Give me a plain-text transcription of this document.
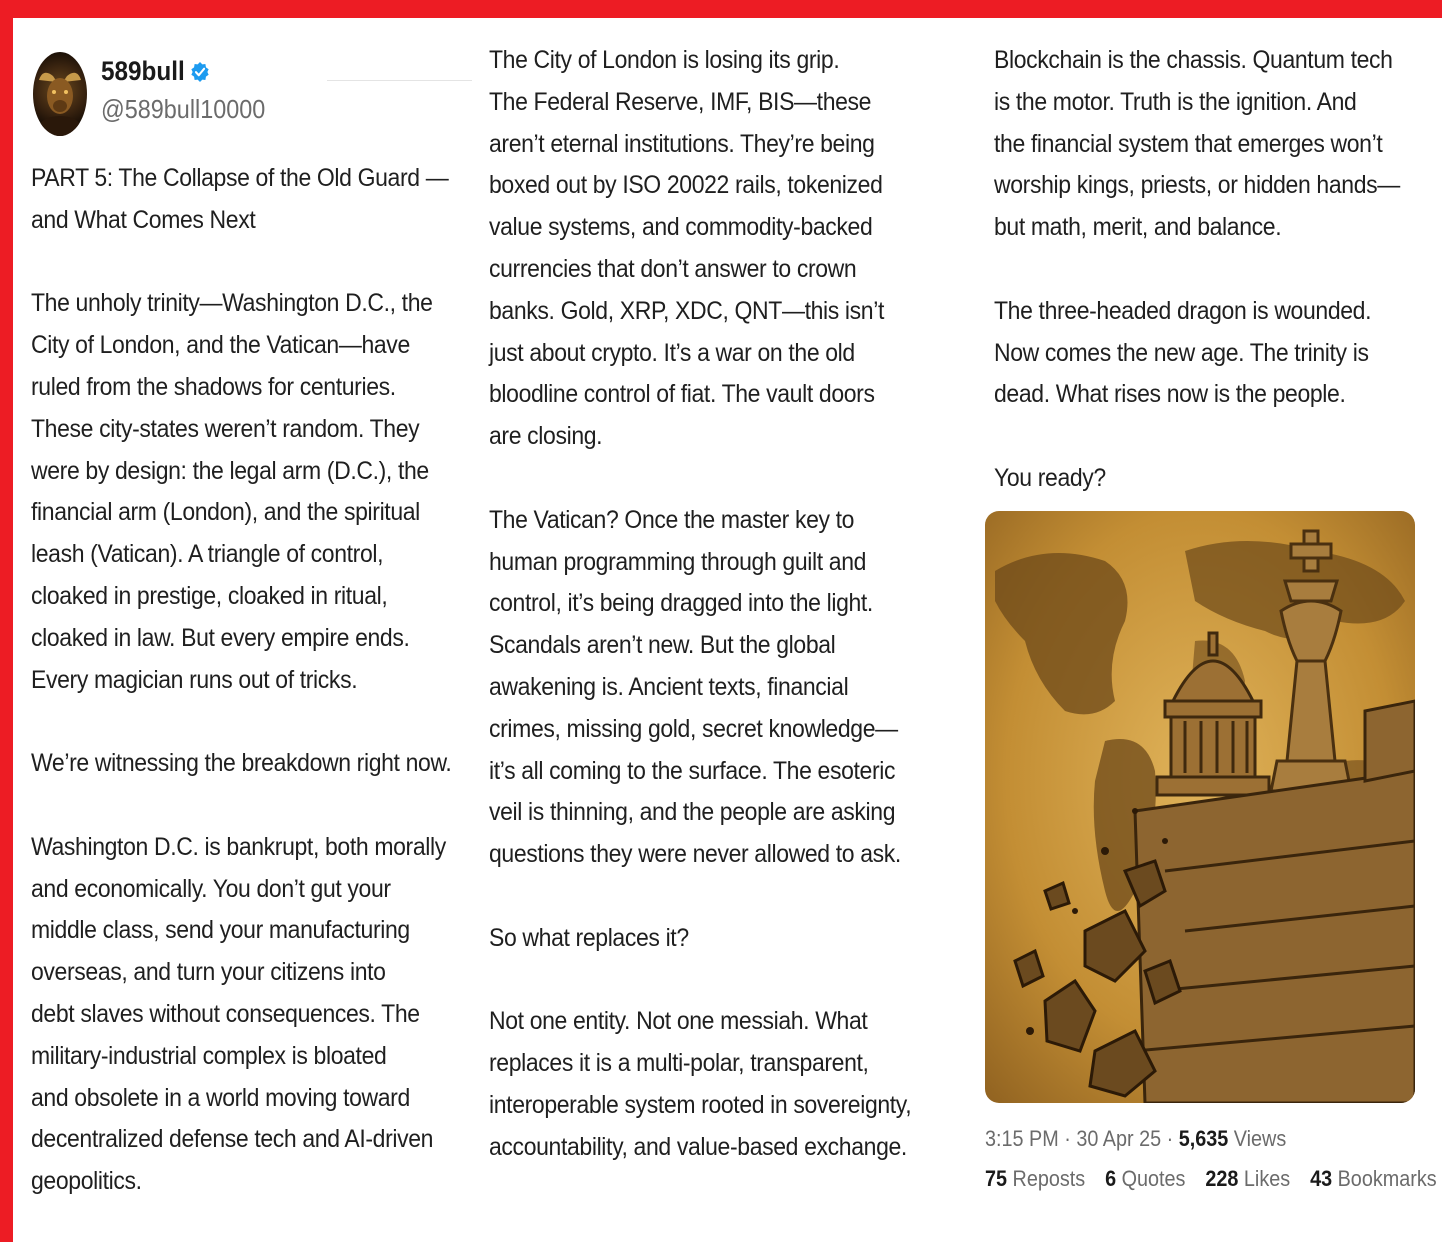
589bull
@589bull10000

PART 5: The Collapse of the Old Guard —
and What Comes Next

The unholy trinity—Washington D.C., the
City of London, and the Vatican—have
ruled from the shadows for centuries.
These city-states weren’t random. They
were by design: the legal arm (D.C.), the
financial arm (London), and the spiritual
leash (Vatican). A triangle of control,
cloaked in prestige, cloaked in ritual,
cloaked in law. But every empire ends.
Every magician runs out of tricks.

We’re witnessing the breakdown right now.

Washington D.C. is bankrupt, both morally
and economically. You don’t gut your
middle class, send your manufacturing
overseas, and turn your citizens into
debt slaves without consequences. The
military-industrial complex is bloated
and obsolete in a world moving toward
decentralized defense tech and AI-driven
geopolitics.

The City of London is losing its grip.
The Federal Reserve, IMF, BIS—these
aren’t eternal institutions. They’re being
boxed out by ISO 20022 rails, tokenized
value systems, and commodity-backed
currencies that don’t answer to crown
banks. Gold, XRP, XDC, QNT—this isn’t
just about crypto. It’s a war on the old
bloodline control of fiat. The vault doors
are closing.

The Vatican? Once the master key to
human programming through guilt and
control, it’s being dragged into the light.
Scandals aren’t new. But the global
awakening is. Ancient texts, financial
crimes, missing gold, secret knowledge—
it’s all coming to the surface. The esoteric
veil is thinning, and the people are asking
questions they were never allowed to ask.

So what replaces it?

Not one entity. Not one messiah. What
replaces it is a multi-polar, transparent,
interoperable system rooted in sovereignty,
accountability, and value-based exchange.

Blockchain is the chassis. Quantum tech
is the motor. Truth is the ignition. And
the financial system that emerges won’t
worship kings, priests, or hidden hands—
but math, merit, and balance.

The three-headed dragon is wounded.
Now comes the new age. The trinity is
dead. What rises now is the people.

You ready?

3:15 PM · 30 Apr 25 · 5,635 Views
75 Reposts 6 Quotes 228 Likes 43 Bookmarks
